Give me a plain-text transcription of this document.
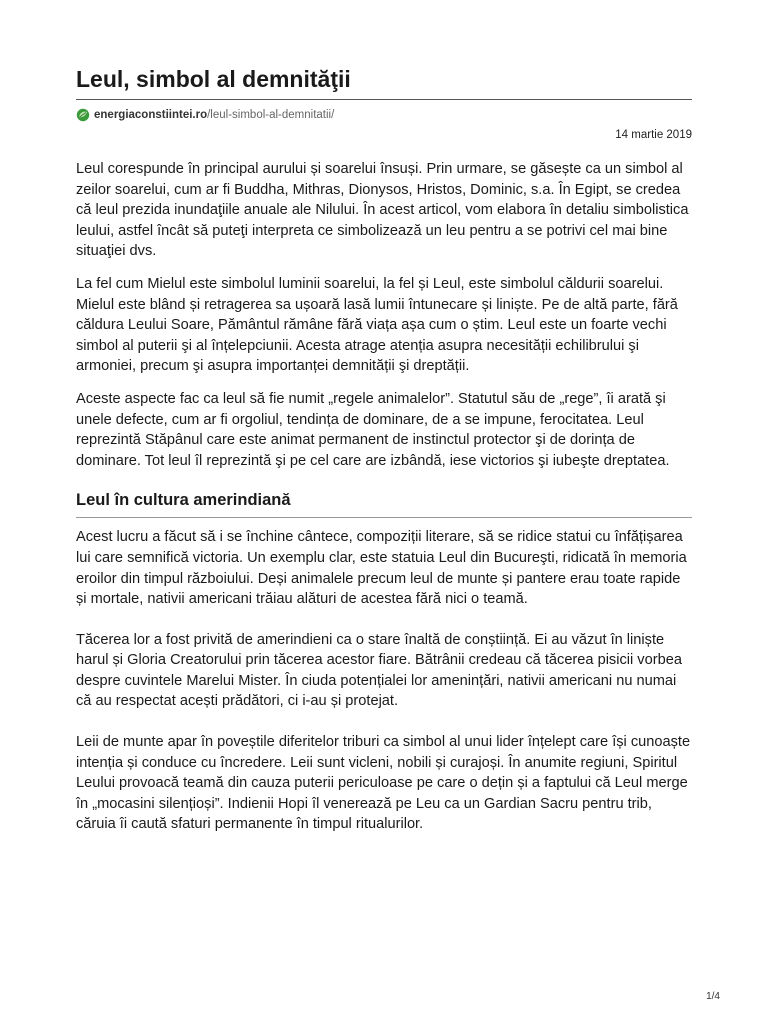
Leul, simbol al demnităţii
energiaconstiintei.ro/leul-simbol-al-demnitatii/
14 martie 2019

Leul corespunde în principal aurului și soarelui însuși. Prin urmare, se găsește ca un simbol al zeilor soarelui, cum ar fi Buddha, Mithras, Dionysos, Hristos, Dominic, s.a. În Egipt, se credea că leul prezida inundaţiile anuale ale Nilului. În acest articol, vom elabora în detaliu simbolistica leului, astfel încât să puteţi interpreta ce simbolizează un leu pentru a se potrivi cel mai bine situaţiei dvs.

La fel cum Mielul este simbolul luminii soarelui, la fel și Leul, este simbolul căldurii soarelui. Mielul este blând și retragerea sa ușoară lasă lumii întunecare și liniște. Pe de altă parte, fără căldura Leului Soare, Pământul rămâne fără viața așa cum o știm. Leul este un foarte vechi simbol al puterii şi al înțelepciunii. Acesta atrage atenția asupra necesității echilibrului şi armoniei, precum şi asupra importanței demnității şi dreptății.

Aceste aspecte fac ca leul să fie numit „regele animalelor”. Statutul său de „rege”, îi arată şi unele defecte, cum ar fi orgoliul, tendința de dominare, de a se impune, ferocitatea. Leul reprezintă Stăpânul care este animat permanent de instinctul protector şi de dorința de dominare. Tot leul îl reprezintă şi pe cel care are izbândă, iese victorios şi iubeşte dreptatea.

Leul în cultura amerindiană

Acest lucru a făcut să i se închine cântece, compoziții literare, să se ridice statui cu înfățișarea lui care semnifică victoria. Un exemplu clar, este statuia Leul din Bucureşti, ridicată în memoria eroilor din timpul războiului. Deși animalele precum leul de munte și pantere erau toate rapide și mortale, nativii americani trăiau alături de acestea fără nici o teamă.

Tăcerea lor a fost privită de amerindieni ca o stare înaltă de conștiință. Ei au văzut în liniște harul și Gloria Creatorului prin tăcerea acestor fiare. Bătrânii credeau că tăcerea pisicii vorbea despre cuvintele Marelui Mister. În ciuda potențialei lor amenințări, nativii americani nu numai că au respectat acești prădători, ci i-au și protejat.

Leii de munte apar în poveștile diferitelor triburi ca simbol al unui lider înțelept care își cunoaște intenția și conduce cu încredere. Leii sunt vicleni, nobili și curajoși. În anumite regiuni, Spiritul Leului provoacă teamă din cauza puterii periculoase pe care o dețin și a faptului că Leul merge în „mocasini silențioși”. Indienii Hopi îl venerează pe Leu ca un Gardian Sacru pentru trib, căruia îi caută sfaturi permanente în timpul ritualurilor.

1/4
